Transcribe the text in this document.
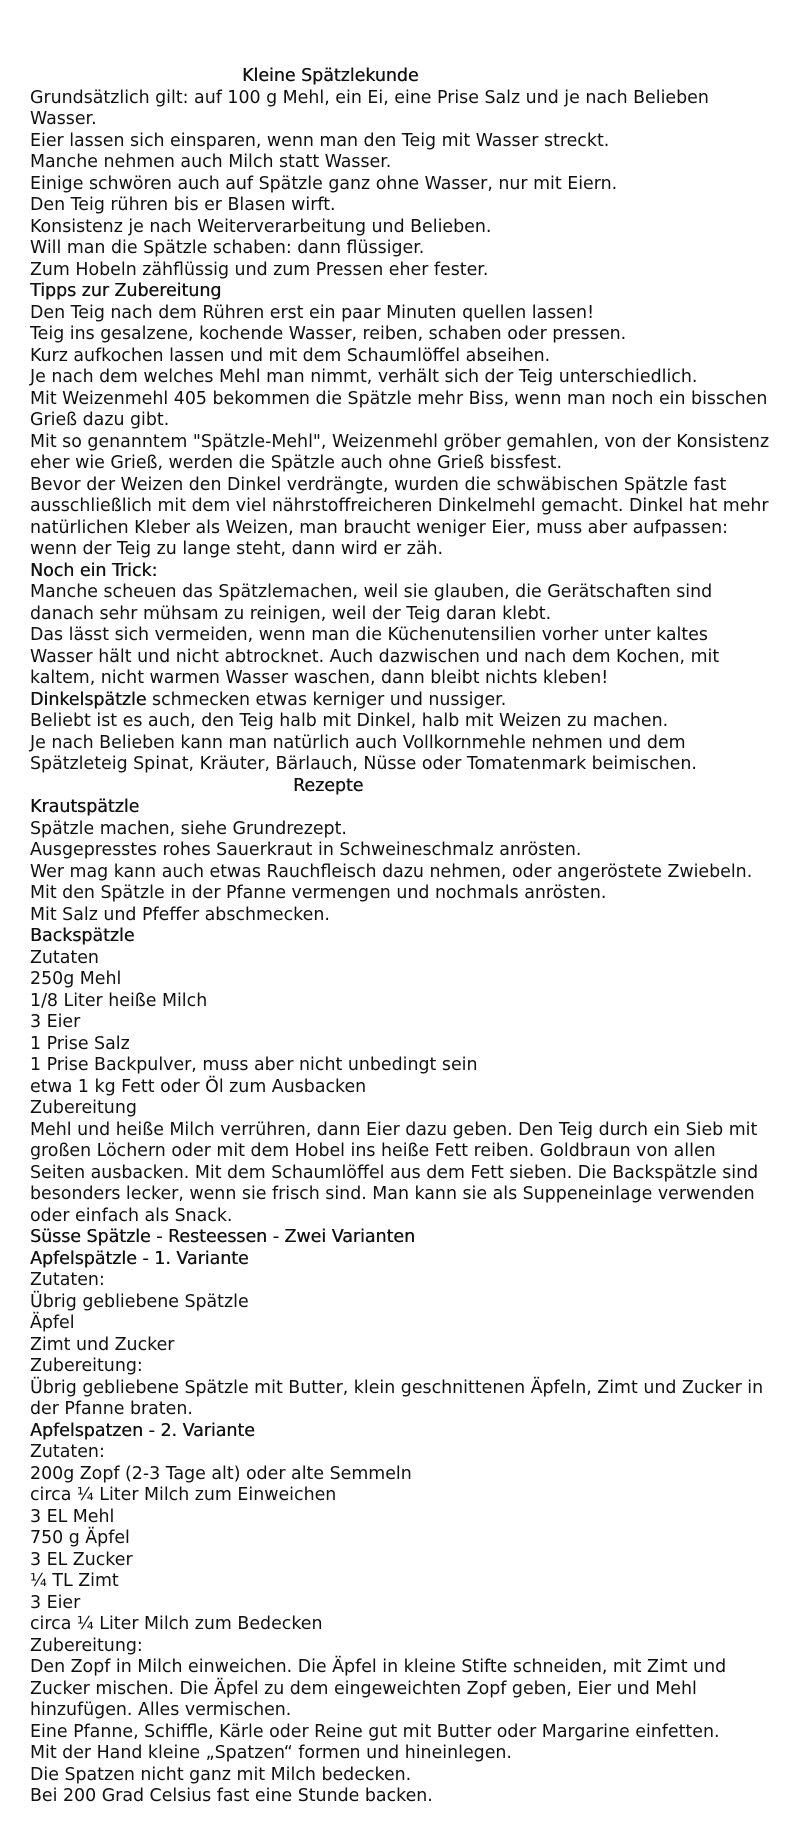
Kleine Spätzlekunde
Grundsätzlich gilt: auf 100 g Mehl, ein Ei, eine Prise Salz und je nach Belieben Wasser.
Eier lassen sich einsparen, wenn man den Teig mit Wasser streckt.
Manche nehmen auch Milch statt Wasser.
Einige schwören auch auf Spätzle ganz ohne Wasser, nur mit Eiern.
Den Teig rühren bis er Blasen wirft.
Konsistenz je nach Weiterverarbeitung und Belieben.
Will man die Spätzle schaben: dann flüssiger.
Zum Hobeln zähflüssig und zum Pressen eher fester.
Tipps zur Zubereitung
Den Teig nach dem Rühren erst ein paar Minuten quellen lassen!
Teig ins gesalzene, kochende Wasser, reiben, schaben oder pressen.
Kurz aufkochen lassen und mit dem Schaumlöffel abseihen.
Je nach dem welches Mehl man nimmt, verhält sich der Teig unterschiedlich.
Mit Weizenmehl 405 bekommen die Spätzle mehr Biss, wenn man noch ein bisschen Grieß dazu gibt.
Mit so genanntem "Spätzle-Mehl", Weizenmehl gröber gemahlen, von der Konsistenz eher wie Grieß, werden die Spätzle auch ohne Grieß bissfest.
Bevor der Weizen den Dinkel verdrängte, wurden die schwäbischen Spätzle fast ausschließlich mit dem viel nährstoffreicheren Dinkelmehl gemacht. Dinkel hat mehr natürlichen Kleber als Weizen, man braucht weniger Eier, muss aber aufpassen: wenn der Teig zu lange steht, dann wird er zäh.
Noch ein Trick:
Manche scheuen das Spätzlemachen, weil sie glauben, die Gerätschaften sind danach sehr mühsam zu reinigen, weil der Teig daran klebt.
Das lässt sich vermeiden, wenn man die Küchenutensilien vorher unter kaltes Wasser hält und nicht abtrocknet. Auch dazwischen und nach dem Kochen, mit kaltem, nicht warmen Wasser waschen, dann bleibt nichts kleben!
Dinkelspätzle schmecken etwas kerniger und nussiger.
Beliebt ist es auch, den Teig halb mit Dinkel, halb mit Weizen zu machen.
Je nach Belieben kann man natürlich auch Vollkornmehle nehmen und dem Spätzleteig Spinat, Kräuter, Bärlauch, Nüsse oder Tomatenmark beimischen.
Rezepte
Krautspätzle
Spätzle machen, siehe Grundrezept.
Ausgepresstes rohes Sauerkraut in Schweineschmalz anrösten.
Wer mag kann auch etwas Rauchfleisch dazu nehmen, oder angeröstete Zwiebeln.
Mit den Spätzle in der Pfanne vermengen und nochmals anrösten.
Mit Salz und Pfeffer abschmecken.
Backspätzle
Zutaten
250g Mehl
1/8 Liter heiße Milch
3 Eier
1 Prise Salz
1 Prise Backpulver, muss aber nicht unbedingt sein
etwa 1 kg Fett oder Öl zum Ausbacken
Zubereitung
Mehl und heiße Milch verrühren, dann Eier dazu geben. Den Teig durch ein Sieb mit großen Löchern oder mit dem Hobel ins heiße Fett reiben. Goldbraun von allen Seiten ausbacken. Mit dem Schaumlöffel aus dem Fett sieben. Die Backspätzle sind besonders lecker, wenn sie frisch sind. Man kann sie als Suppeneinlage verwenden oder einfach als Snack.
Süsse Spätzle - Resteessen - Zwei Varianten
Apfelspätzle - 1. Variante
Zutaten:
Übrig gebliebene Spätzle
Äpfel
Zimt und Zucker
Zubereitung:
Übrig gebliebene Spätzle mit Butter, klein geschnittenen Äpfeln, Zimt und Zucker in der Pfanne braten.
Apfelspatzen - 2. Variante
Zutaten:
200g Zopf (2-3 Tage alt) oder alte Semmeln
circa ¼ Liter Milch zum Einweichen
3 EL Mehl
750 g Äpfel
3 EL Zucker
¼ TL Zimt
3 Eier
circa ¼ Liter Milch zum Bedecken
Zubereitung:
Den Zopf in Milch einweichen. Die Äpfel in kleine Stifte schneiden, mit Zimt und Zucker mischen. Die Äpfel zu dem eingeweichten Zopf geben, Eier und Mehl hinzufügen. Alles vermischen.
Eine Pfanne, Schiffle, Kärle oder Reine gut mit Butter oder Margarine einfetten.
Mit der Hand kleine „Spatzen“ formen und hineinlegen.
Die Spatzen nicht ganz mit Milch bedecken.
Bei 200 Grad Celsius fast eine Stunde backen.
